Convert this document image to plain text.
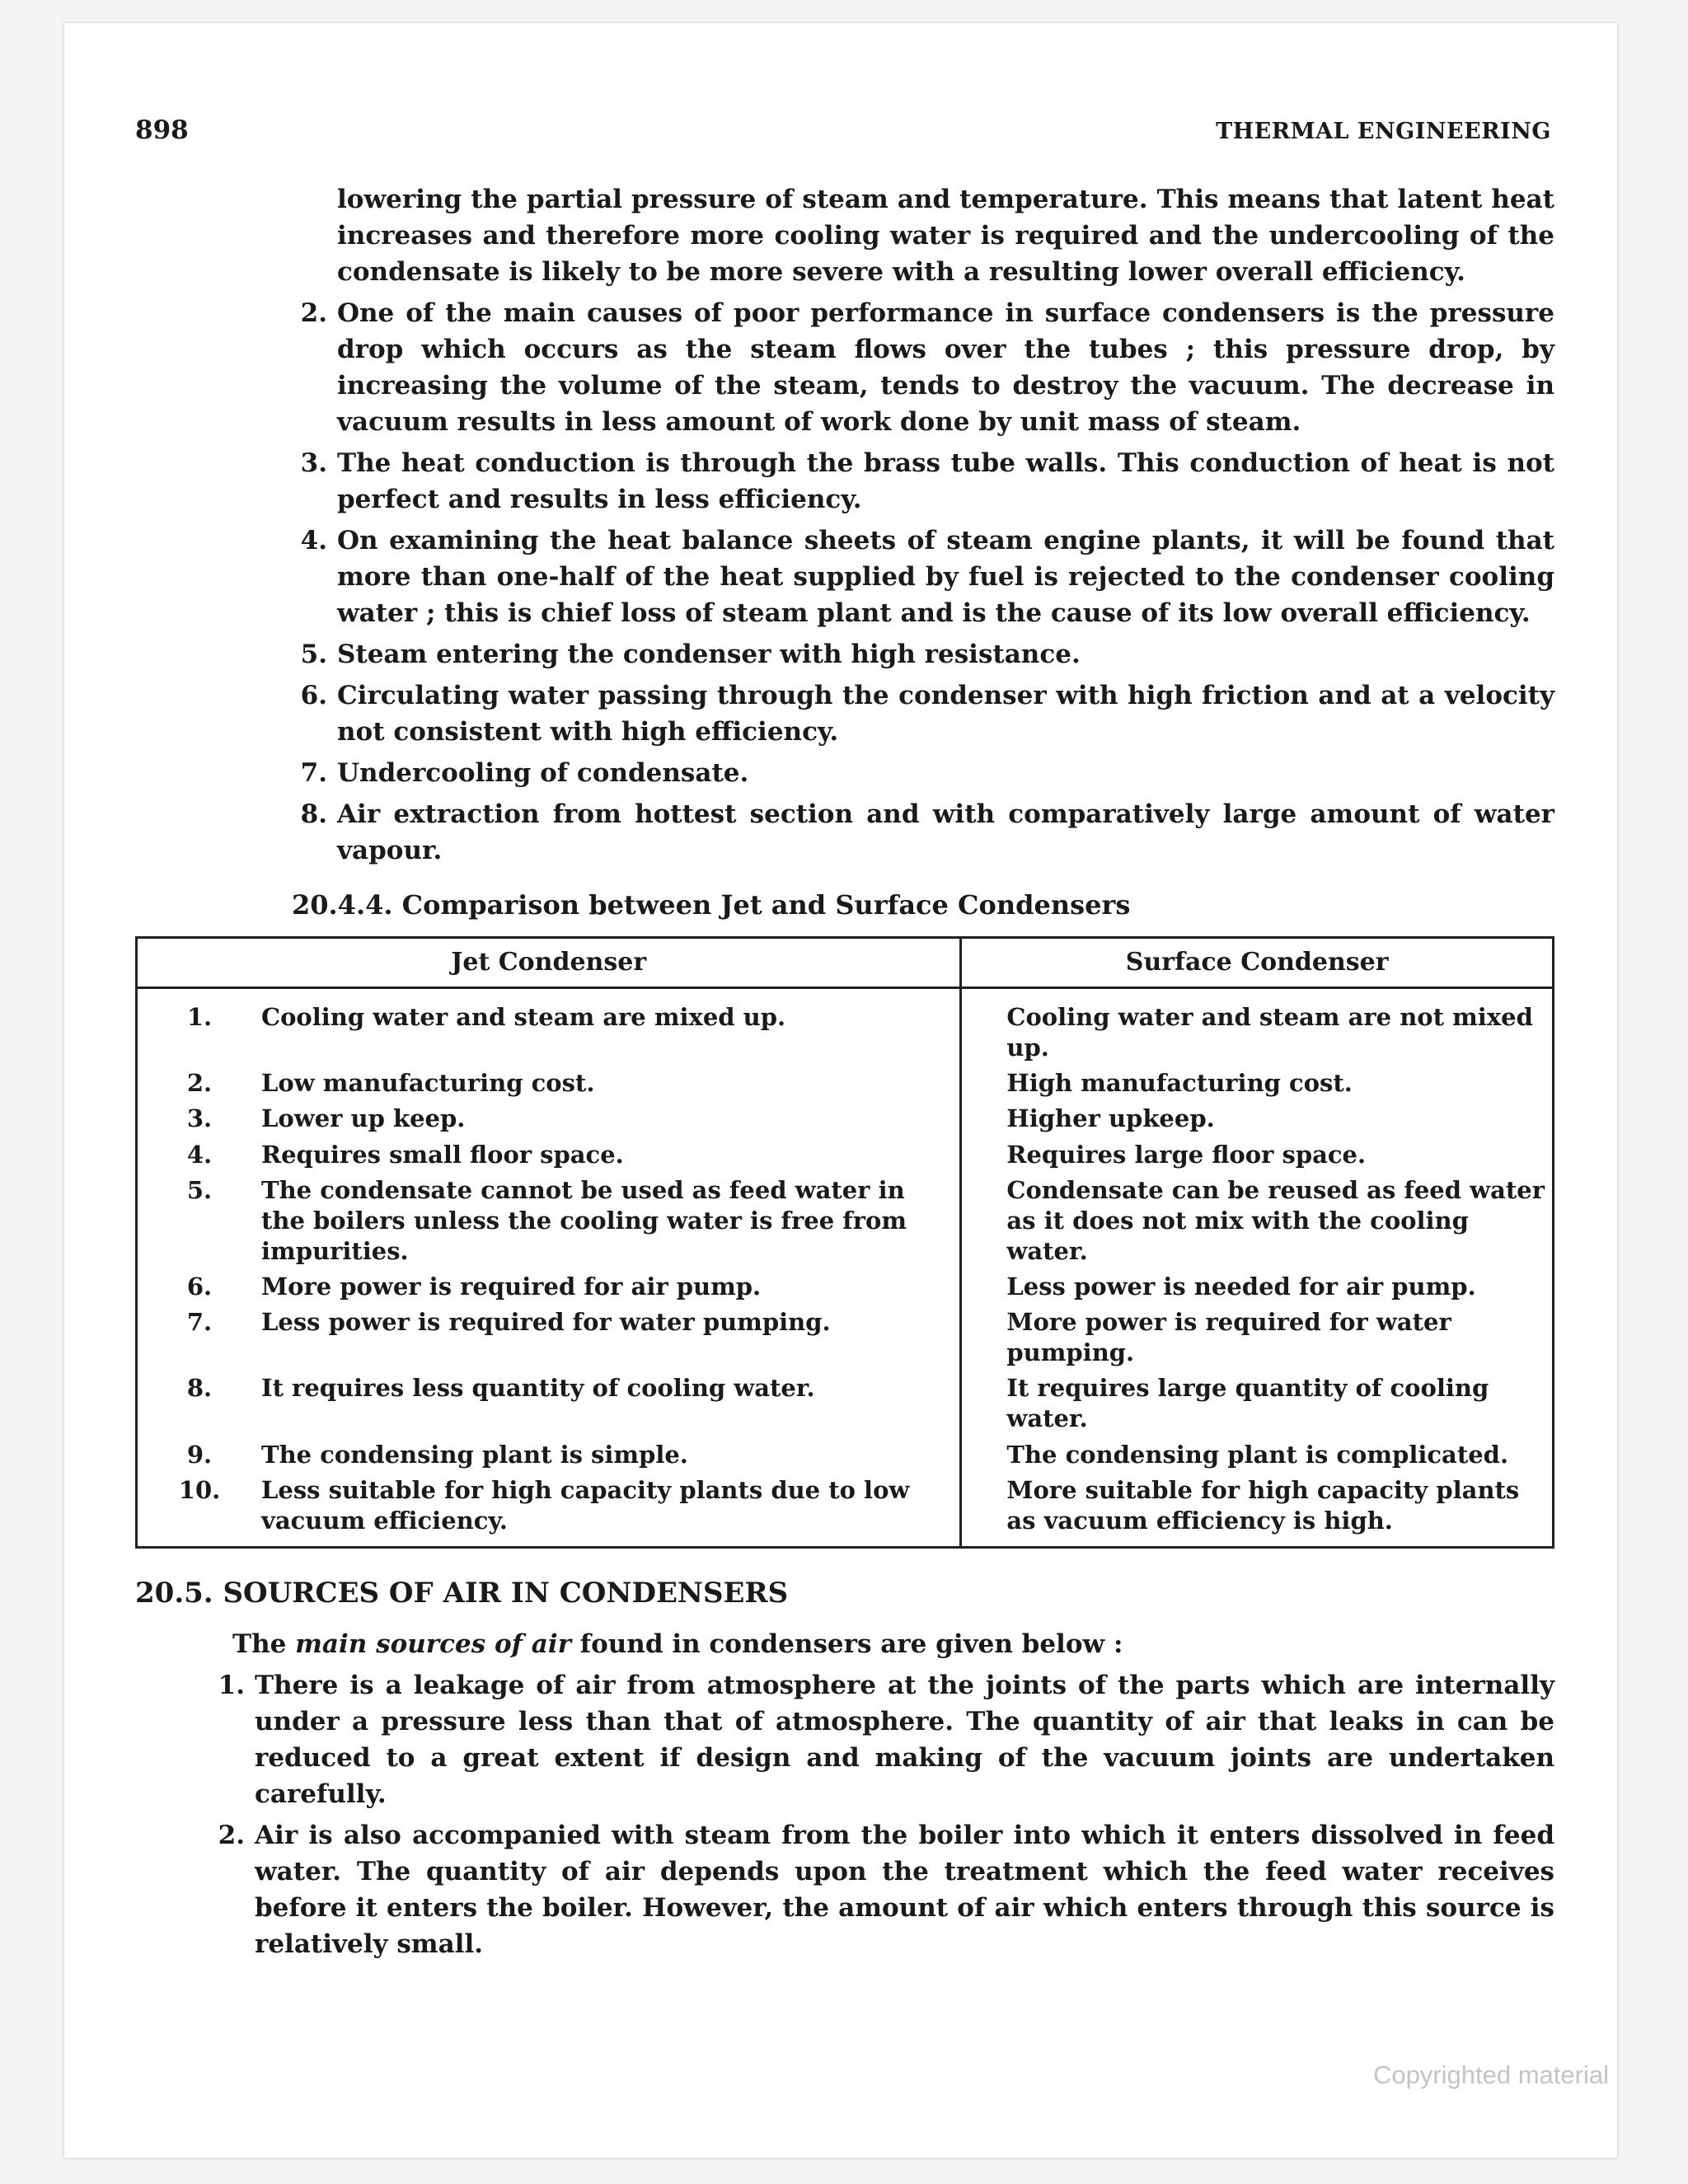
898	THERMAL ENGINEERING

lowering the partial pressure of steam and temperature. This means that latent heat increases and therefore more cooling water is required and the undercooling of the condensate is likely to be more severe with a resulting lower overall efficiency.

2. One of the main causes of poor performance in surface condensers is the pressure drop which occurs as the steam flows over the tubes ; this pressure drop, by increasing the volume of the steam, tends to destroy the vacuum. The decrease in vacuum results in less amount of work done by unit mass of steam.
3. The heat conduction is through the brass tube walls. This conduction of heat is not perfect and results in less efficiency.
4. On examining the heat balance sheets of steam engine plants, it will be found that more than one-half of the heat supplied by fuel is rejected to the condenser cooling water ; this is chief loss of steam plant and is the cause of its low overall efficiency.
5. Steam entering the condenser with high resistance.
6. Circulating water passing through the condenser with high friction and at a velocity not consistent with high efficiency.
7. Undercooling of condensate.
8. Air extraction from hottest section and with comparatively large amount of water vapour.
20.4.4. Comparison between Jet and Surface Condensers
Jet Condenser		Surface Condenser
1.	Cooling water and steam are mixed up.	Cooling water and steam are not mixed up.
2.	Low manufacturing cost.	High manufacturing cost.
3.	Lower up keep.	Higher upkeep.
4.	Requires small floor space.	Requires large floor space.
5.	The condensate cannot be used as feed water in the boilers unless the cooling water is free from impurities.	Condensate can be reused as feed water as it does not mix with the cooling water.
6.	More power is required for air pump.	Less power is needed for air pump.
7.	Less power is required for water pumping.	More power is required for water pumping.
8.	It requires less quantity of cooling water.	It requires large quantity of cooling water.
9.	The condensing plant is simple.	The condensing plant is complicated.
10.	Less suitable for high capacity plants due to low vacuum efficiency.	More suitable for high capacity plants as vacuum efficiency is high.
20.5. SOURCES OF AIR IN CONDENSERS

The main sources of air found in condensers are given below :

1. There is a leakage of air from atmosphere at the joints of the parts which are internally under a pressure less than that of atmosphere. The quantity of air that leaks in can be reduced to a great extent if design and making of the vacuum joints are undertaken carefully.
2. Air is also accompanied with steam from the boiler into which it enters dissolved in feed water. The quantity of air depends upon the treatment which the feed water receives before it enters the boiler. However, the amount of air which enters through this source is relatively small.
Copyrighted material
